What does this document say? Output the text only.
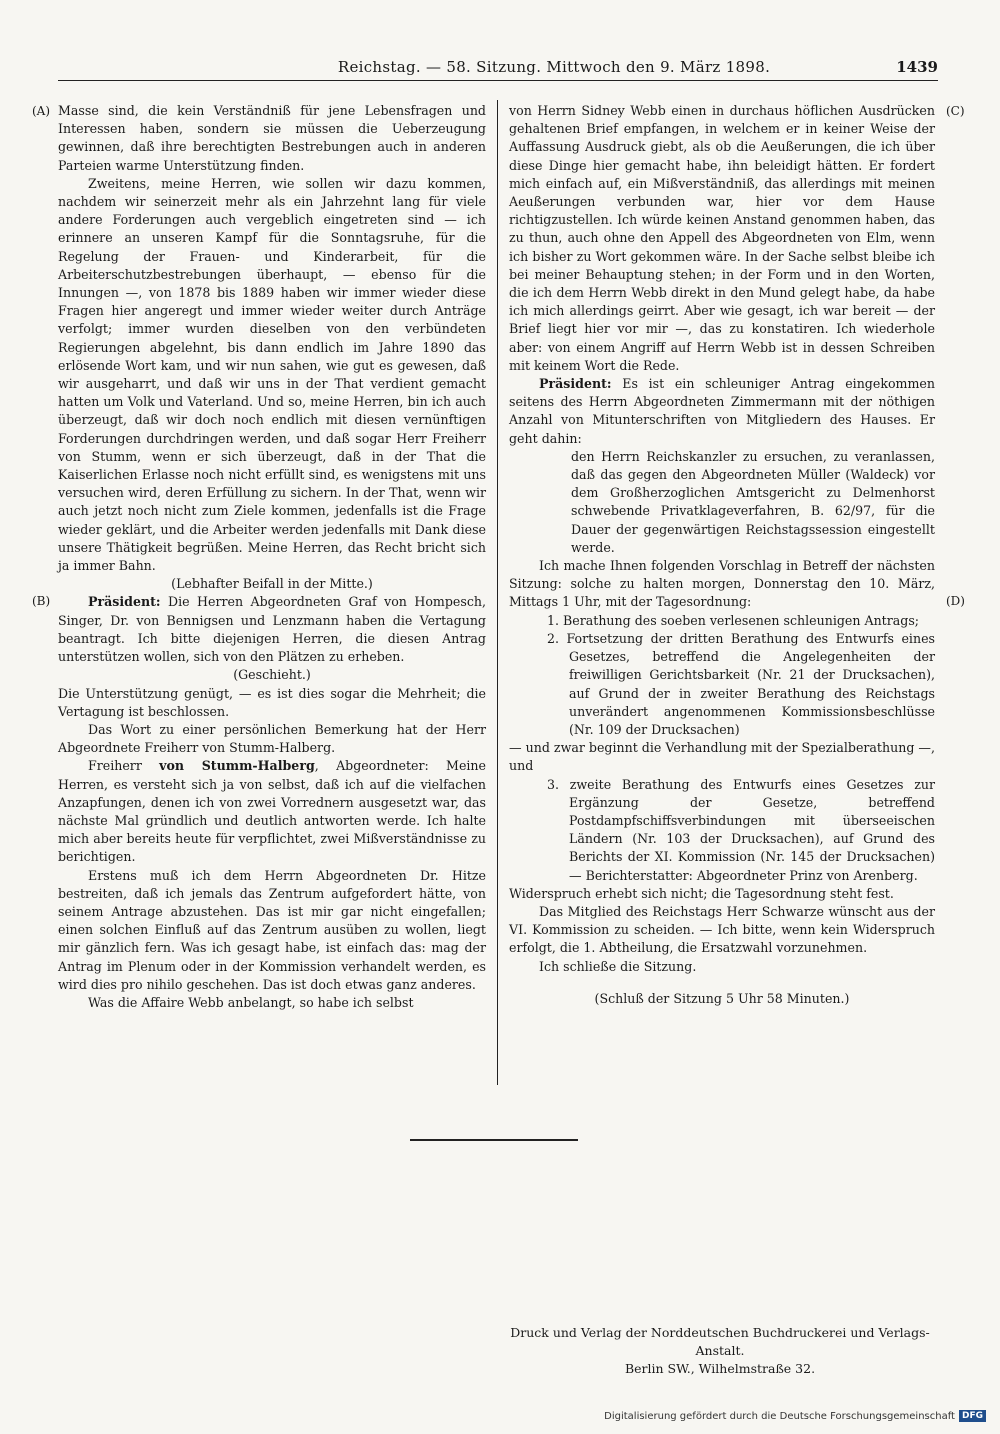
Reichstag. — 58. Sitzung. Mittwoch den 9. März 1898.	1439
(A)
(B)
(C)
(D)

Masse sind, die kein Verständniß für jene Lebensfragen und Interessen haben, sondern sie müssen die Ueberzeugung gewinnen, daß ihre berechtigten Bestrebungen auch in anderen Parteien warme Unterstützung finden.

Zweitens, meine Herren, wie sollen wir dazu kommen, nachdem wir seinerzeit mehr als ein Jahrzehnt lang für viele andere Forderungen auch vergeblich eingetreten sind — ich erinnere an unseren Kampf für die Sonntagsruhe, für die Regelung der Frauen- und Kinderarbeit, für die Arbeiterschutzbestrebungen überhaupt, — ebenso für die Innungen —, von 1878 bis 1889 haben wir immer wieder diese Fragen hier angeregt und immer wieder weiter durch Anträge verfolgt; immer wurden dieselben von den verbündeten Regierungen abgelehnt, bis dann endlich im Jahre 1890 das erlösende Wort kam, und wir nun sahen, wie gut es gewesen, daß wir ausgeharrt, und daß wir uns in der That verdient gemacht hatten um Volk und Vaterland. Und so, meine Herren, bin ich auch überzeugt, daß wir doch noch endlich mit diesen vernünftigen Forderungen durchdringen werden, und daß sogar Herr Freiherr von Stumm, wenn er sich überzeugt, daß in der That die Kaiserlichen Erlasse noch nicht erfüllt sind, es wenigstens mit uns versuchen wird, deren Erfüllung zu sichern. In der That, wenn wir auch jetzt noch nicht zum Ziele kommen, jedenfalls ist die Frage wieder geklärt, und die Arbeiter werden jedenfalls mit Dank diese unsere Thätigkeit begrüßen. Meine Herren, das Recht bricht sich ja immer Bahn.

(Lebhafter Beifall in der Mitte.)

Präsident: Die Herren Abgeordneten Graf von Hompesch, Singer, Dr. von Bennigsen und Lenzmann haben die Vertagung beantragt. Ich bitte diejenigen Herren, die diesen Antrag unterstützen wollen, sich von den Plätzen zu erheben.

(Geschieht.)

Die Unterstützung genügt, — es ist dies sogar die Mehrheit; die Vertagung ist beschlossen.

Das Wort zu einer persönlichen Bemerkung hat der Herr Abgeordnete Freiherr von Stumm-Halberg.

Freiherr von Stumm-Halberg, Abgeordneter: Meine Herren, es versteht sich ja von selbst, daß ich auf die vielfachen Anzapfungen, denen ich von zwei Vorrednern ausgesetzt war, das nächste Mal gründlich und deutlich antworten werde. Ich halte mich aber bereits heute für verpflichtet, zwei Mißverständnisse zu berichtigen.

Erstens muß ich dem Herrn Abgeordneten Dr. Hitze bestreiten, daß ich jemals das Zentrum aufgefordert hätte, von seinem Antrage abzustehen. Das ist mir gar nicht eingefallen; einen solchen Einfluß auf das Zentrum ausüben zu wollen, liegt mir gänzlich fern. Was ich gesagt habe, ist einfach das: mag der Antrag im Plenum oder in der Kommission verhandelt werden, es wird dies pro nihilo geschehen. Das ist doch etwas ganz anderes.

Was die Affaire Webb anbelangt, so habe ich selbst

von Herrn Sidney Webb einen in durchaus höflichen Ausdrücken gehaltenen Brief empfangen, in welchem er in keiner Weise der Auffassung Ausdruck giebt, als ob die Aeußerungen, die ich über diese Dinge hier gemacht habe, ihn beleidigt hätten. Er fordert mich einfach auf, ein Mißverständniß, das allerdings mit meinen Aeußerungen verbunden war, hier vor dem Hause richtigzustellen. Ich würde keinen Anstand genommen haben, das zu thun, auch ohne den Appell des Abgeordneten von Elm, wenn ich bisher zu Wort gekommen wäre. In der Sache selbst bleibe ich bei meiner Behauptung stehen; in der Form und in den Worten, die ich dem Herrn Webb direkt in den Mund gelegt habe, da habe ich mich allerdings geirrt. Aber wie gesagt, ich war bereit — der Brief liegt hier vor mir —, das zu konstatiren. Ich wiederhole aber: von einem Angriff auf Herrn Webb ist in dessen Schreiben mit keinem Wort die Rede.

Präsident: Es ist ein schleuniger Antrag eingekommen seitens des Herrn Abgeordneten Zimmermann mit der nöthigen Anzahl von Mitunterschriften von Mitgliedern des Hauses. Er geht dahin:

den Herrn Reichskanzler zu ersuchen, zu veranlassen, daß das gegen den Abgeordneten Müller (Waldeck) vor dem Großherzoglichen Amtsgericht zu Delmenhorst schwebende Privatklageverfahren, B. 62/97, für die Dauer der gegenwärtigen Reichstagssession eingestellt werde.

Ich mache Ihnen folgenden Vorschlag in Betreff der nächsten Sitzung: solche zu halten morgen, Donnerstag den 10. März, Mittags 1 Uhr, mit der Tagesordnung:

1. Berathung des soeben verlesenen schleunigen Antrags;

2. Fortsetzung der dritten Berathung des Entwurfs eines Gesetzes, betreffend die Angelegenheiten der freiwilligen Gerichtsbarkeit (Nr. 21 der Drucksachen), auf Grund der in zweiter Berathung des Reichstags unverändert angenommenen Kommissionsbeschlüsse (Nr. 109 der Drucksachen)

— und zwar beginnt die Verhandlung mit der Spezialberathung —, und

3. zweite Berathung des Entwurfs eines Gesetzes zur Ergänzung der Gesetze, betreffend Postdampfschiffsverbindungen mit überseeischen Ländern (Nr. 103 der Drucksachen), auf Grund des Berichts der XI. Kommission (Nr. 145 der Drucksachen) — Berichterstatter: Abgeordneter Prinz von Arenberg.

Widerspruch erhebt sich nicht; die Tagesordnung steht fest.

Das Mitglied des Reichstags Herr Schwarze wünscht aus der VI. Kommission zu scheiden. — Ich bitte, wenn kein Widerspruch erfolgt, die 1. Abtheilung, die Ersatzwahl vorzunehmen.

Ich schließe die Sitzung.

(Schluß der Sitzung 5 Uhr 58 Minuten.)

Druck und Verlag der Norddeutschen Buchdruckerei und Verlags-Anstalt.

Berlin SW., Wilhelmstraße 32.

Digitalisierung gefördert durch die Deutsche Forschungsgemeinschaft DFG
